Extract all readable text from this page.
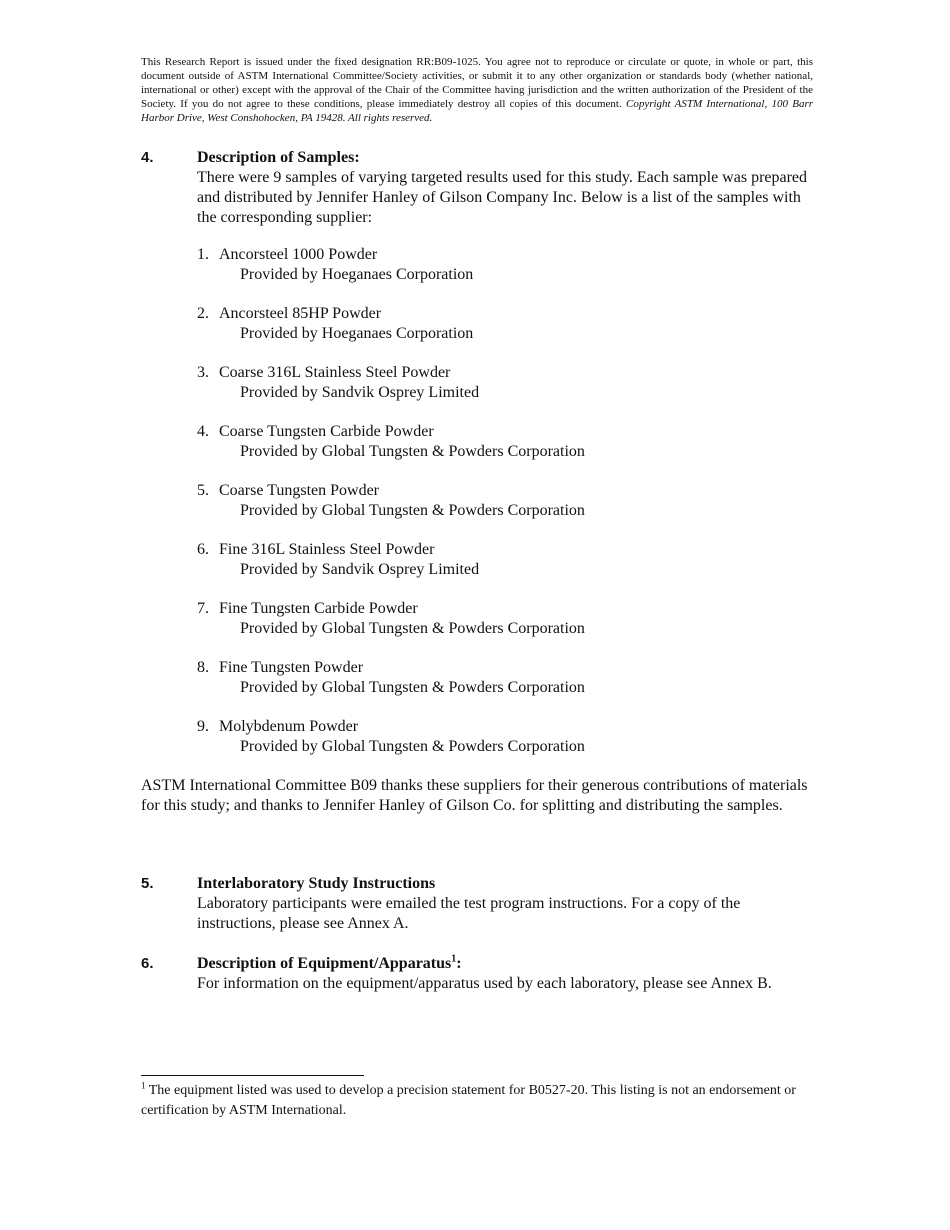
This Research Report is issued under the fixed designation RR:B09-1025. You agree not to reproduce or circulate or quote, in whole or part, this document outside of ASTM International Committee/Society activities, or submit it to any other organization or standards body (whether national, international or other) except with the approval of the Chair of the Committee having jurisdiction and the written authorization of the President of the Society. If you do not agree to these conditions, please immediately destroy all copies of this document. Copyright ASTM International, 100 Barr Harbor Drive, West Conshohocken, PA 19428. All rights reserved.
4.	Description of Samples:
There were 9 samples of varying targeted results used for this study. Each sample was prepared and distributed by Jennifer Hanley of Gilson Company Inc. Below is a list of the samples with the corresponding supplier:
1. Ancorsteel 1000 Powder
Provided by Hoeganaes Corporation
2. Ancorsteel 85HP Powder
Provided by Hoeganaes Corporation
3. Coarse 316L Stainless Steel Powder
Provided by Sandvik Osprey Limited
4. Coarse Tungsten Carbide Powder
Provided by Global Tungsten & Powders Corporation
5. Coarse Tungsten Powder
Provided by Global Tungsten & Powders Corporation
6. Fine 316L Stainless Steel Powder
Provided by Sandvik Osprey Limited
7. Fine Tungsten Carbide Powder
Provided by Global Tungsten & Powders Corporation
8. Fine Tungsten Powder
Provided by Global Tungsten & Powders Corporation
9. Molybdenum Powder
Provided by Global Tungsten & Powders Corporation
ASTM International Committee B09 thanks these suppliers for their generous contributions of materials for this study; and thanks to Jennifer Hanley of Gilson Co. for splitting and distributing the samples.
5.	Interlaboratory Study Instructions
Laboratory participants were emailed the test program instructions. For a copy of the instructions, please see Annex A.
6.	Description of Equipment/Apparatus$^1$:
For information on the equipment/apparatus used by each laboratory, please see Annex B.
$^1$ The equipment listed was used to develop a precision statement for B0527-20. This listing is not an endorsement or certification by ASTM International.
